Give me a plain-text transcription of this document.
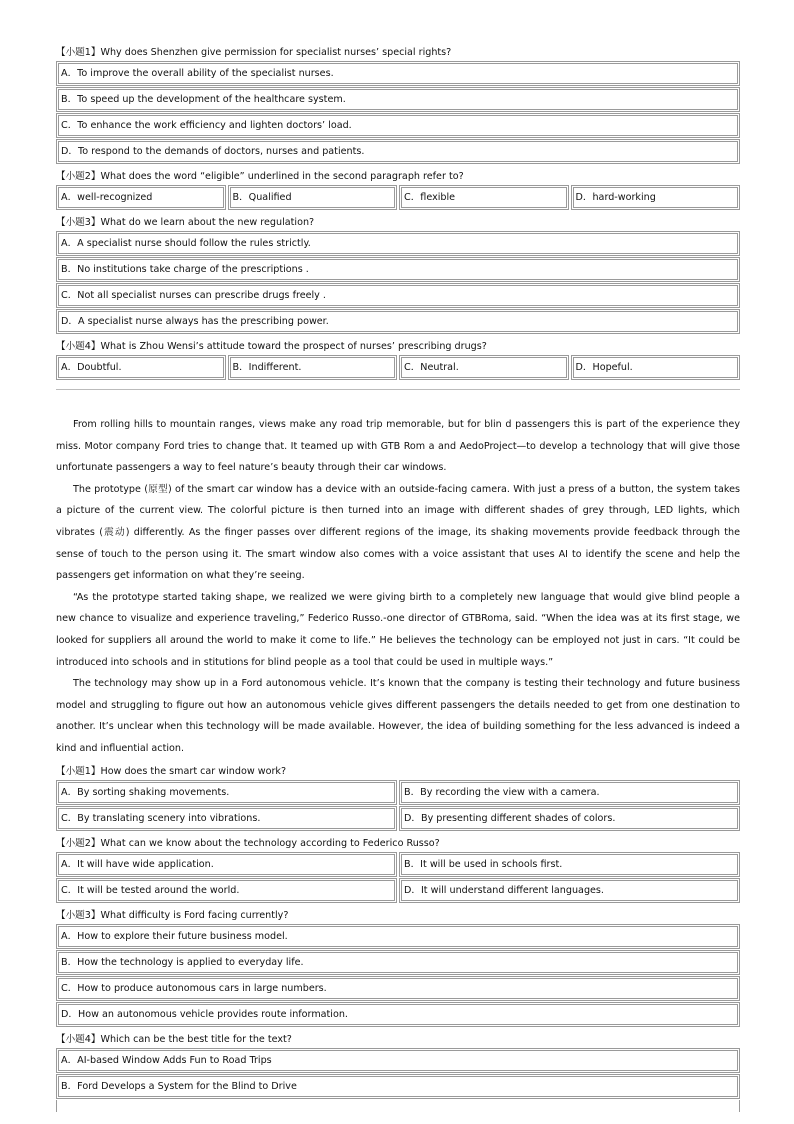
【小题1】Why does Shenzhen give permission for specialist nurses’ special rights?
A．To improve the overall ability of the specialist nurses.
B．To speed up the development of the healthcare system.
C．To enhance the work efficiency and lighten doctors’ load.
D．To respond to the demands of doctors, nurses and patients.
【小题2】What does the word “eligible” underlined in the second paragraph refer to?
A．well-recognized	B．Qualified	C．flexible	D．hard-working
【小题3】What do we learn about the new regulation?
A．A specialist nurse should follow the rules strictly.
B．No institutions take charge of the prescriptions .
C．Not all specialist nurses can prescribe drugs freely .
D．A specialist nurse always has the prescribing power.
【小题4】What is Zhou Wensi’s attitude toward the prospect of nurses’ prescribing drugs?
A．Doubtful.	B．Indifferent.	C．Neutral.	D．Hopeful.

From rolling hills to mountain ranges, views make any road trip memorable, but for blin d passengers this is part of the experience they miss. Motor company Ford tries to change that. It teamed up with GTB Rom a and AedoProject—to develop a technology that will give those unfortunate passengers a way to feel nature’s beauty through their car windows.

The prototype (原型) of the smart car window has a device with an outside-facing camera. With just a press of a button, the system takes a picture of the current view. The colorful picture is then turned into an image with different shades of grey through, LED lights, which vibrates (震动) differently. As the finger passes over different regions of the image, its shaking movements provide feedback through the sense of touch to the person using it. The smart window also comes with a voice assistant that uses AI to identify the scene and help the passengers get information on what they’re seeing.

“As the prototype started taking shape, we realized we were giving birth to a completely new language that would give blind people a new chance to visualize and experience traveling,” Federico Russo.-one director of GTBRoma, said. “When the idea was at its first stage, we looked for suppliers all around the world to make it come to life.” He believes the technology can be employed not just in cars. “It could be introduced into schools and in stitutions for blind people as a tool that could be used in multiple ways.”

The technology may show up in a Ford autonomous vehicle. It’s known that the company is testing their technology and future business model and struggling to figure out how an autonomous vehicle gives different passengers the details needed to get from one destination to another. It’s unclear when this technology will be made available. However, the idea of building something for the less advanced is indeed a kind and influential action.

【小题1】How does the smart car window work?
A．By sorting shaking movements.	B．By recording the view with a camera.
C．By translating scenery into vibrations.	D．By presenting different shades of colors.
【小题2】What can we know about the technology according to Federico Russo?
A．It will have wide application.	B．It will be used in schools first.
C．It will be tested around the world.	D．It will understand different languages.
【小题3】What difficulty is Ford facing currently?
A．How to explore their future business model.
B．How the technology is applied to everyday life.
C．How to produce autonomous cars in large numbers.
D．How an autonomous vehicle provides route information.
【小题4】Which can be the best title for the text?
A．AI-based Window Adds Fun to Road Trips
B．Ford Develops a System for the Blind to Drive
